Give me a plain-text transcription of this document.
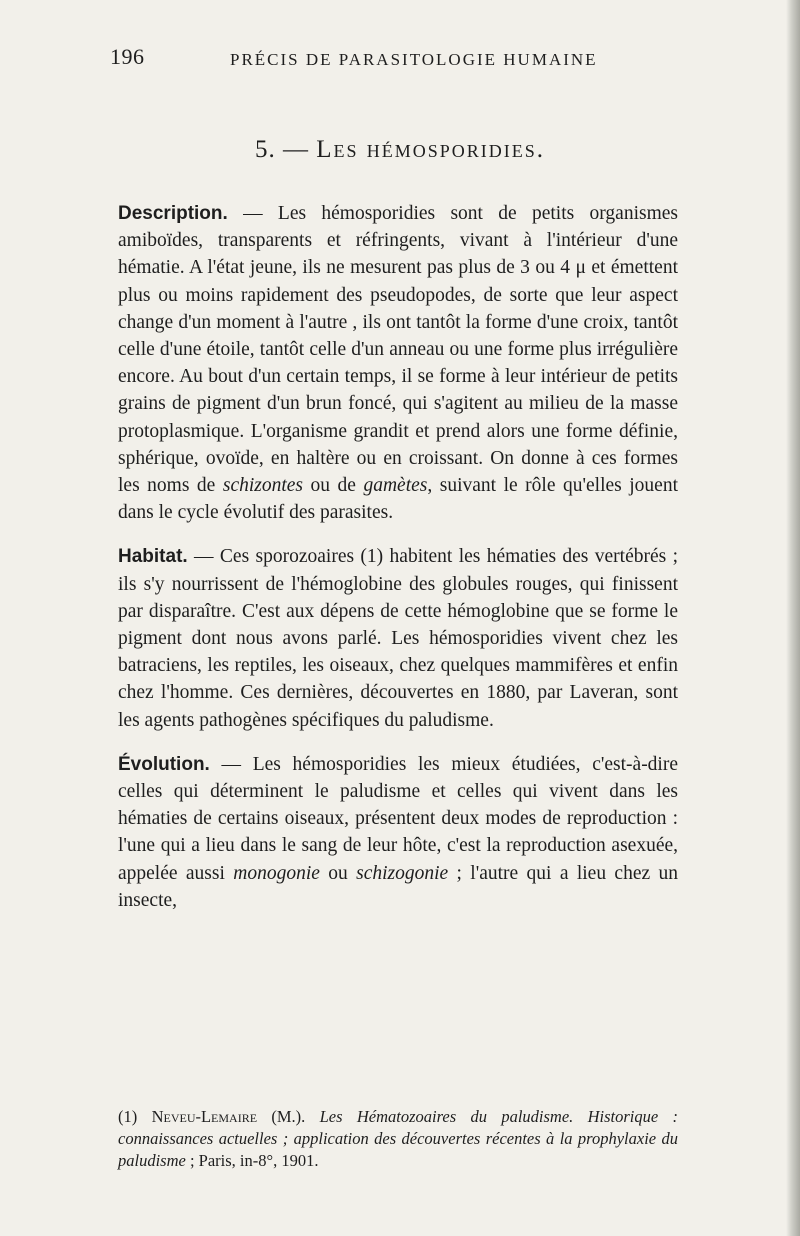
196	PRÉCIS DE PARASITOLOGIE HUMAINE
5. — Les hémosporidies.

Description. — Les hémosporidies sont de petits organismes amiboïdes, transparents et réfringents, vivant à l'intérieur d'une hématie. A l'état jeune, ils ne mesurent pas plus de 3 ou 4 μ et émettent plus ou moins rapidement des pseudopodes, de sorte que leur aspect change d'un moment à l'autre , ils ont tantôt la forme d'une croix, tantôt celle d'une étoile, tantôt celle d'un anneau ou une forme plus irrégulière encore. Au bout d'un certain temps, il se forme à leur intérieur de petits grains de pigment d'un brun foncé, qui s'agitent au milieu de la masse protoplasmique. L'organisme grandit et prend alors une forme définie, sphérique, ovoïde, en haltère ou en croissant. On donne à ces formes les noms de schizontes ou de gamètes, suivant le rôle qu'elles jouent dans le cycle évolutif des parasites.

Habitat. — Ces sporozoaires (1) habitent les hématies des vertébrés ; ils s'y nourrissent de l'hémoglobine des globules rouges, qui finissent par disparaître. C'est aux dépens de cette hémoglobine que se forme le pigment dont nous avons parlé. Les hémosporidies vivent chez les batraciens, les reptiles, les oiseaux, chez quelques mammifères et enfin chez l'homme. Ces dernières, découvertes en 1880, par Laveran, sont les agents pathogènes spécifiques du paludisme.

Évolution. — Les hémosporidies les mieux étudiées, c'est-à-dire celles qui déterminent le paludisme et celles qui vivent dans les hématies de certains oiseaux, présentent deux modes de reproduction : l'une qui a lieu dans le sang de leur hôte, c'est la reproduction asexuée, appelée aussi monogonie ou schizogonie ; l'autre qui a lieu chez un insecte,

(1) Neveu-Lemaire (M.). Les Hématozoaires du paludisme. Historique : connaissances actuelles ; application des découvertes récentes à la prophylaxie du paludisme ; Paris, in-8°, 1901.
